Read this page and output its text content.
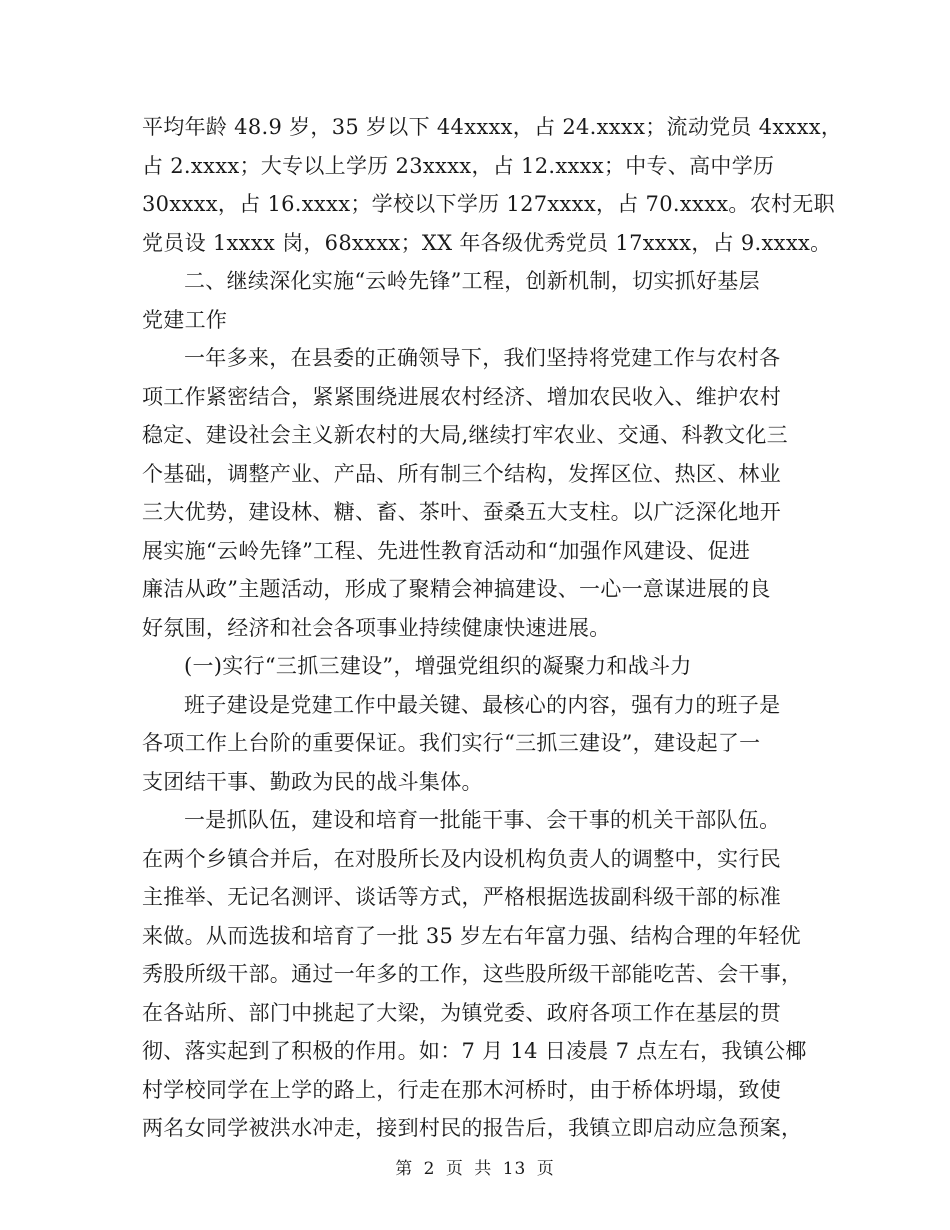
平均年龄 48.9 岁，35 岁以下 44xxxx，占 24.xxxx；流动党员 4xxxx，
占 2.xxxx；大专以上学历 23xxxx，占 12.xxxx；中专、高中学历
30xxxx，占 16.xxxx；学校以下学历 127xxxx，占 70.xxxx。农村无职
党员设 1xxxx 岗，68xxxx；XX 年各级优秀党员 17xxxx，占 9.xxxx。
二、继续深化实施“云岭先锋”工程，创新机制，切实抓好基层
党建工作
一年多来，在县委的正确领导下，我们坚持将党建工作与农村各
项工作紧密结合，紧紧围绕进展农村经济、增加农民收入、维护农村
稳定、建设社会主义新农村的大局,继续打牢农业、交通、科教文化三
个基础，调整产业、产品、所有制三个结构，发挥区位、热区、林业
三大优势，建设林、糖、畜、茶叶、蚕桑五大支柱。以广泛深化地开
展实施“云岭先锋”工程、先进性教育活动和“加强作风建设、促进
廉洁从政”主题活动，形成了聚精会神搞建设、一心一意谋进展的良
好氛围，经济和社会各项事业持续健康快速进展。
(一)实行“三抓三建设”，增强党组织的凝聚力和战斗力
班子建设是党建工作中最关键、最核心的内容，强有力的班子是
各项工作上台阶的重要保证。我们实行“三抓三建设”，建设起了一
支团结干事、勤政为民的战斗集体。
一是抓队伍，建设和培育一批能干事、会干事的机关干部队伍。
在两个乡镇合并后，在对股所长及内设机构负责人的调整中，实行民
主推举、无记名测评、谈话等方式，严格根据选拔副科级干部的标准
来做。从而选拔和培育了一批 35 岁左右年富力强、结构合理的年轻优
秀股所级干部。通过一年多的工作，这些股所级干部能吃苦、会干事，
在各站所、部门中挑起了大梁，为镇党委、政府各项工作在基层的贯
彻、落实起到了积极的作用。如：7 月 14 日凌晨 7 点左右，我镇公椰
村学校同学在上学的路上，行走在那木河桥时，由于桥体坍塌，致使
两名女同学被洪水冲走，接到村民的报告后，我镇立即启动应急预案，
第 2 页 共 13 页
